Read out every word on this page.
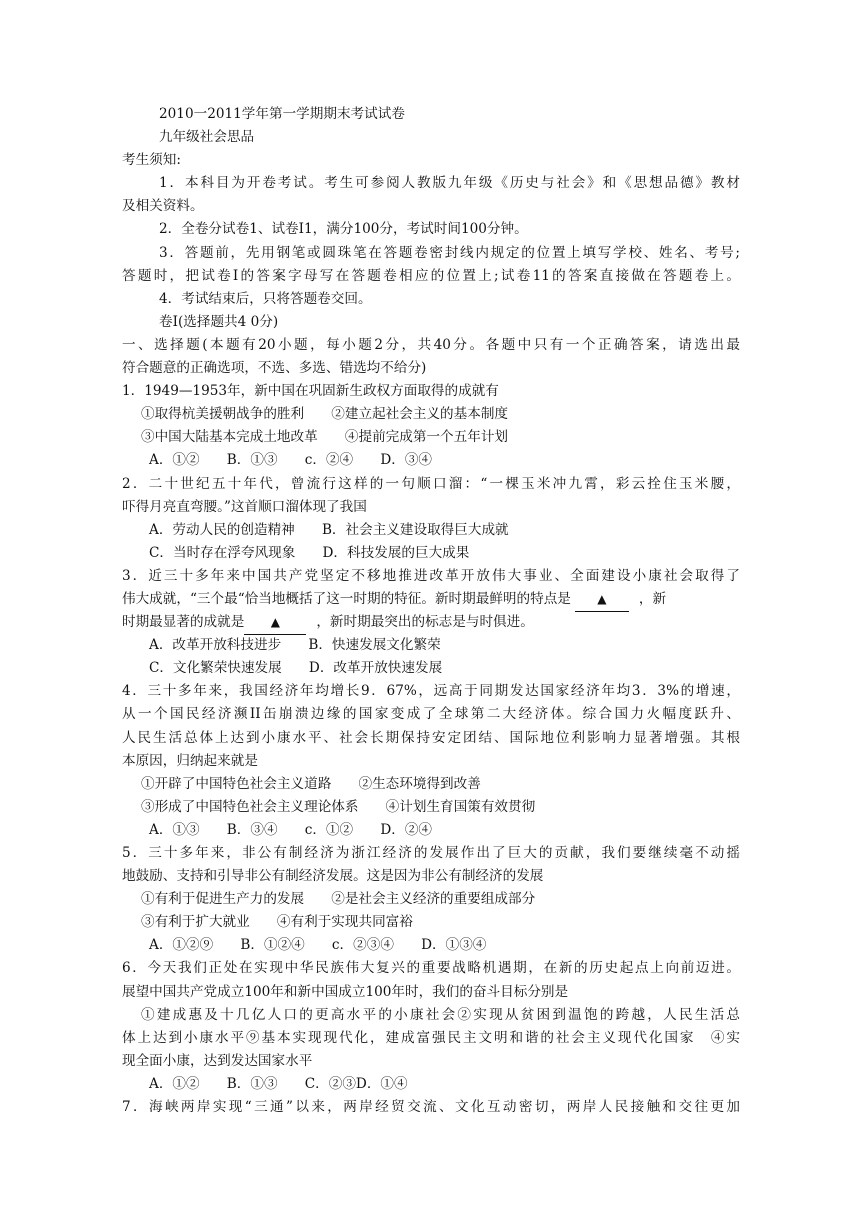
2010一2011学年第一学期期末考试试卷
九年级社会思品
考生须知:
1．本科目为开卷考试。考生可参阅人教版九年级《历史与社会》和《思想品德》教材
及相关资料。
2．全卷分试卷1、试卷I1，满分100分，考试时间100分钟。
3．答题前，先用钢笔或圆珠笔在答题卷密封线内规定的位置上填写学校、姓名、考号;
答题时，把试卷I的答案字母写在答题卷相应的位置上;试卷11的答案直接做在答题卷上。
4．考试结束后，只将答题卷交回。
卷I(选择题共4 0分)
一、选择题(本题有20小题，每小题2分，共40分。各题中只有一个正确答案，请选出最
符合题意的正确选项，不选、多选、错选均不给分)
1．1949—1953年，新中国在巩固新生政权方面取得的成就有
①取得杭美援朝战争的胜利　　②建立起社会主义的基本制度
③中国大陆基本完成土地改革　　④提前完成第一个五年计划
A．①②　　B．①③　　c．②④　　D．③④
2．二十世纪五十年代，曾流行这样的一句顺口溜：“一棵玉米冲九霄，彩云拴住玉米腰，
吓得月亮直弯腰。”这首顺口溜体现了我国
A．劳动人民的创造精神　　B．社会主义建设取得巨大成就
C．当时存在浮夸风现象　　D．科技发展的巨大成果
3．近三十多年来中国共产党坚定不移地推进改革开放伟大事业、全面建设小康社会取得了
伟大成就，“三个最“恰当地概括了这一时期的特征。新时期最鲜明的特点是 ▲ ，新
时期最显著的成就是 ▲	，新时期最突出的标志是与时俱进。
A．改革开放科技进步　　B．快速发展文化繁荣
C．文化繁荣快速发展　　D．改革开放快速发展
4．三十多年来，我国经济年均增长9．67%，远高于同期发达国家经济年均3．3%的增速，
从一个国民经济濒II缶崩溃边缘的国家变成了全球第二大经济体。综合国力火幅度跃升、
人民生活总体上达到小康水平、社会长期保持安定团结、国际地位利影响力显著增强。其根
本原因，归纳起来就是
①开辟了中国特色社会主义道路　　②生态环境得到改善
③形成了中国特色社会主义理论体系　　④计划生育国策有效贯彻
A．①③　　B．③④　　c．①②　　D．②④
5．三十多年来，非公有制经济为浙江经济的发展作出了巨大的贡献，我们要继续毫不动摇
地鼓励、支持和引导非公有制经济发展。这是因为非公有制经济的发展
①有利于促进生产力的发展　　②是社会主义经济的重要组成部分
③有利于扩大就业　　④有利于实现共同富裕
A．①②⑨　　B．①②④　　c．②③④　　D．①③④
6．今天我们正处在实现中华民族伟大复兴的重要战略机遇期，在新的历史起点上向前迈进。
展望中国共产党成立100年和新中国成立100年时，我们的奋斗目标分别是
①建成惠及十几亿人口的更高水平的小康社会②实现从贫困到温饱的跨越，人民生活总
体上达到小康水平⑨基本实现现代化，建成富强民主文明和谐的社会主义现代化国家　④实
现全面小康，达到发达国家水平
A．①②　　B．①③　　C．②③D．①④
7．海峡两岸实现“三通”以来，两岸经贸交流、文化互动密切，两岸人民接触和交往更加
